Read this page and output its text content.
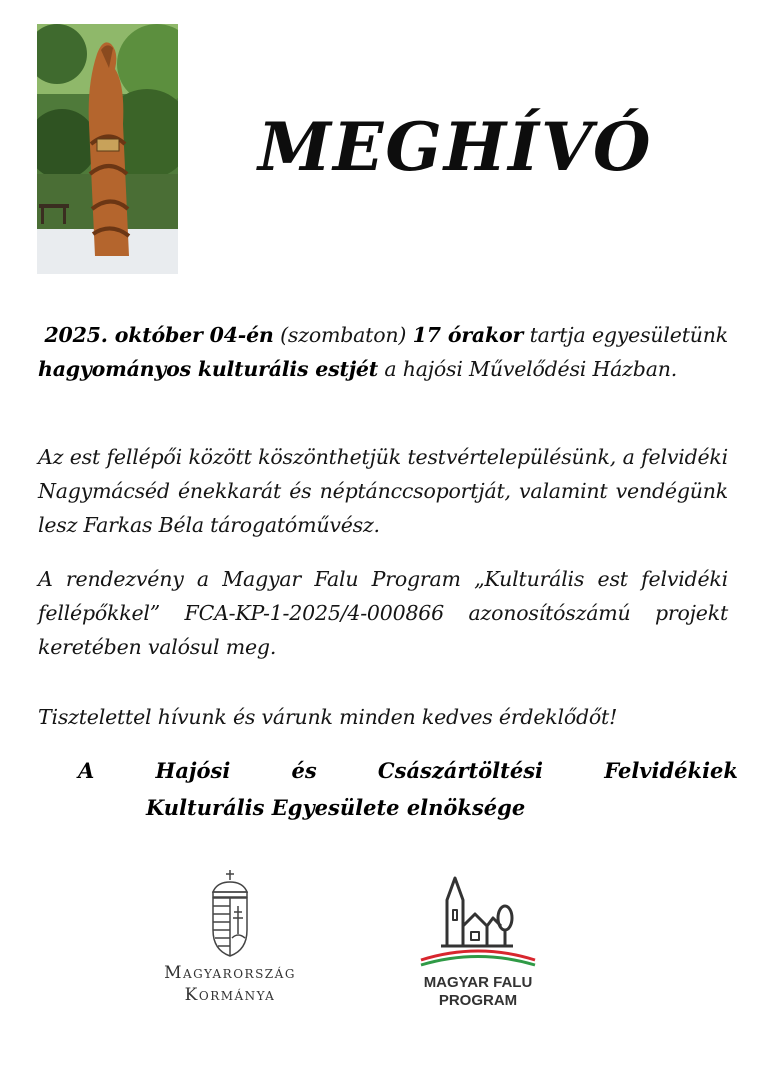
MEGHÍVÓ
2025. október 04-én (szombaton) 17 órakor tartja egyesületünk hagyományos kulturális estjét a hajósi Művelődési Házban.
Az est fellépői között köszönthetjük testvértelepülésünk, a felvidéki Nagymácséd énekkarát és néptánccsoportját, valamint vendégünk lesz Farkas Béla tárogatóművész.
A rendezvény a Magyar Falu Program „Kulturális est felvidéki fellépőkkel” FCA-KP-1-2025/4-000866 azonosítószámú projekt keretében valósul meg.
Tisztelettel hívunk és várunk minden kedves érdeklődőt!
A	Hajósi	és	Császártöltési	Felvidékiek
Kulturális Egyesülete elnöksége
Magyarország
Kormánya
MAGYAR FALU
PROGRAM
